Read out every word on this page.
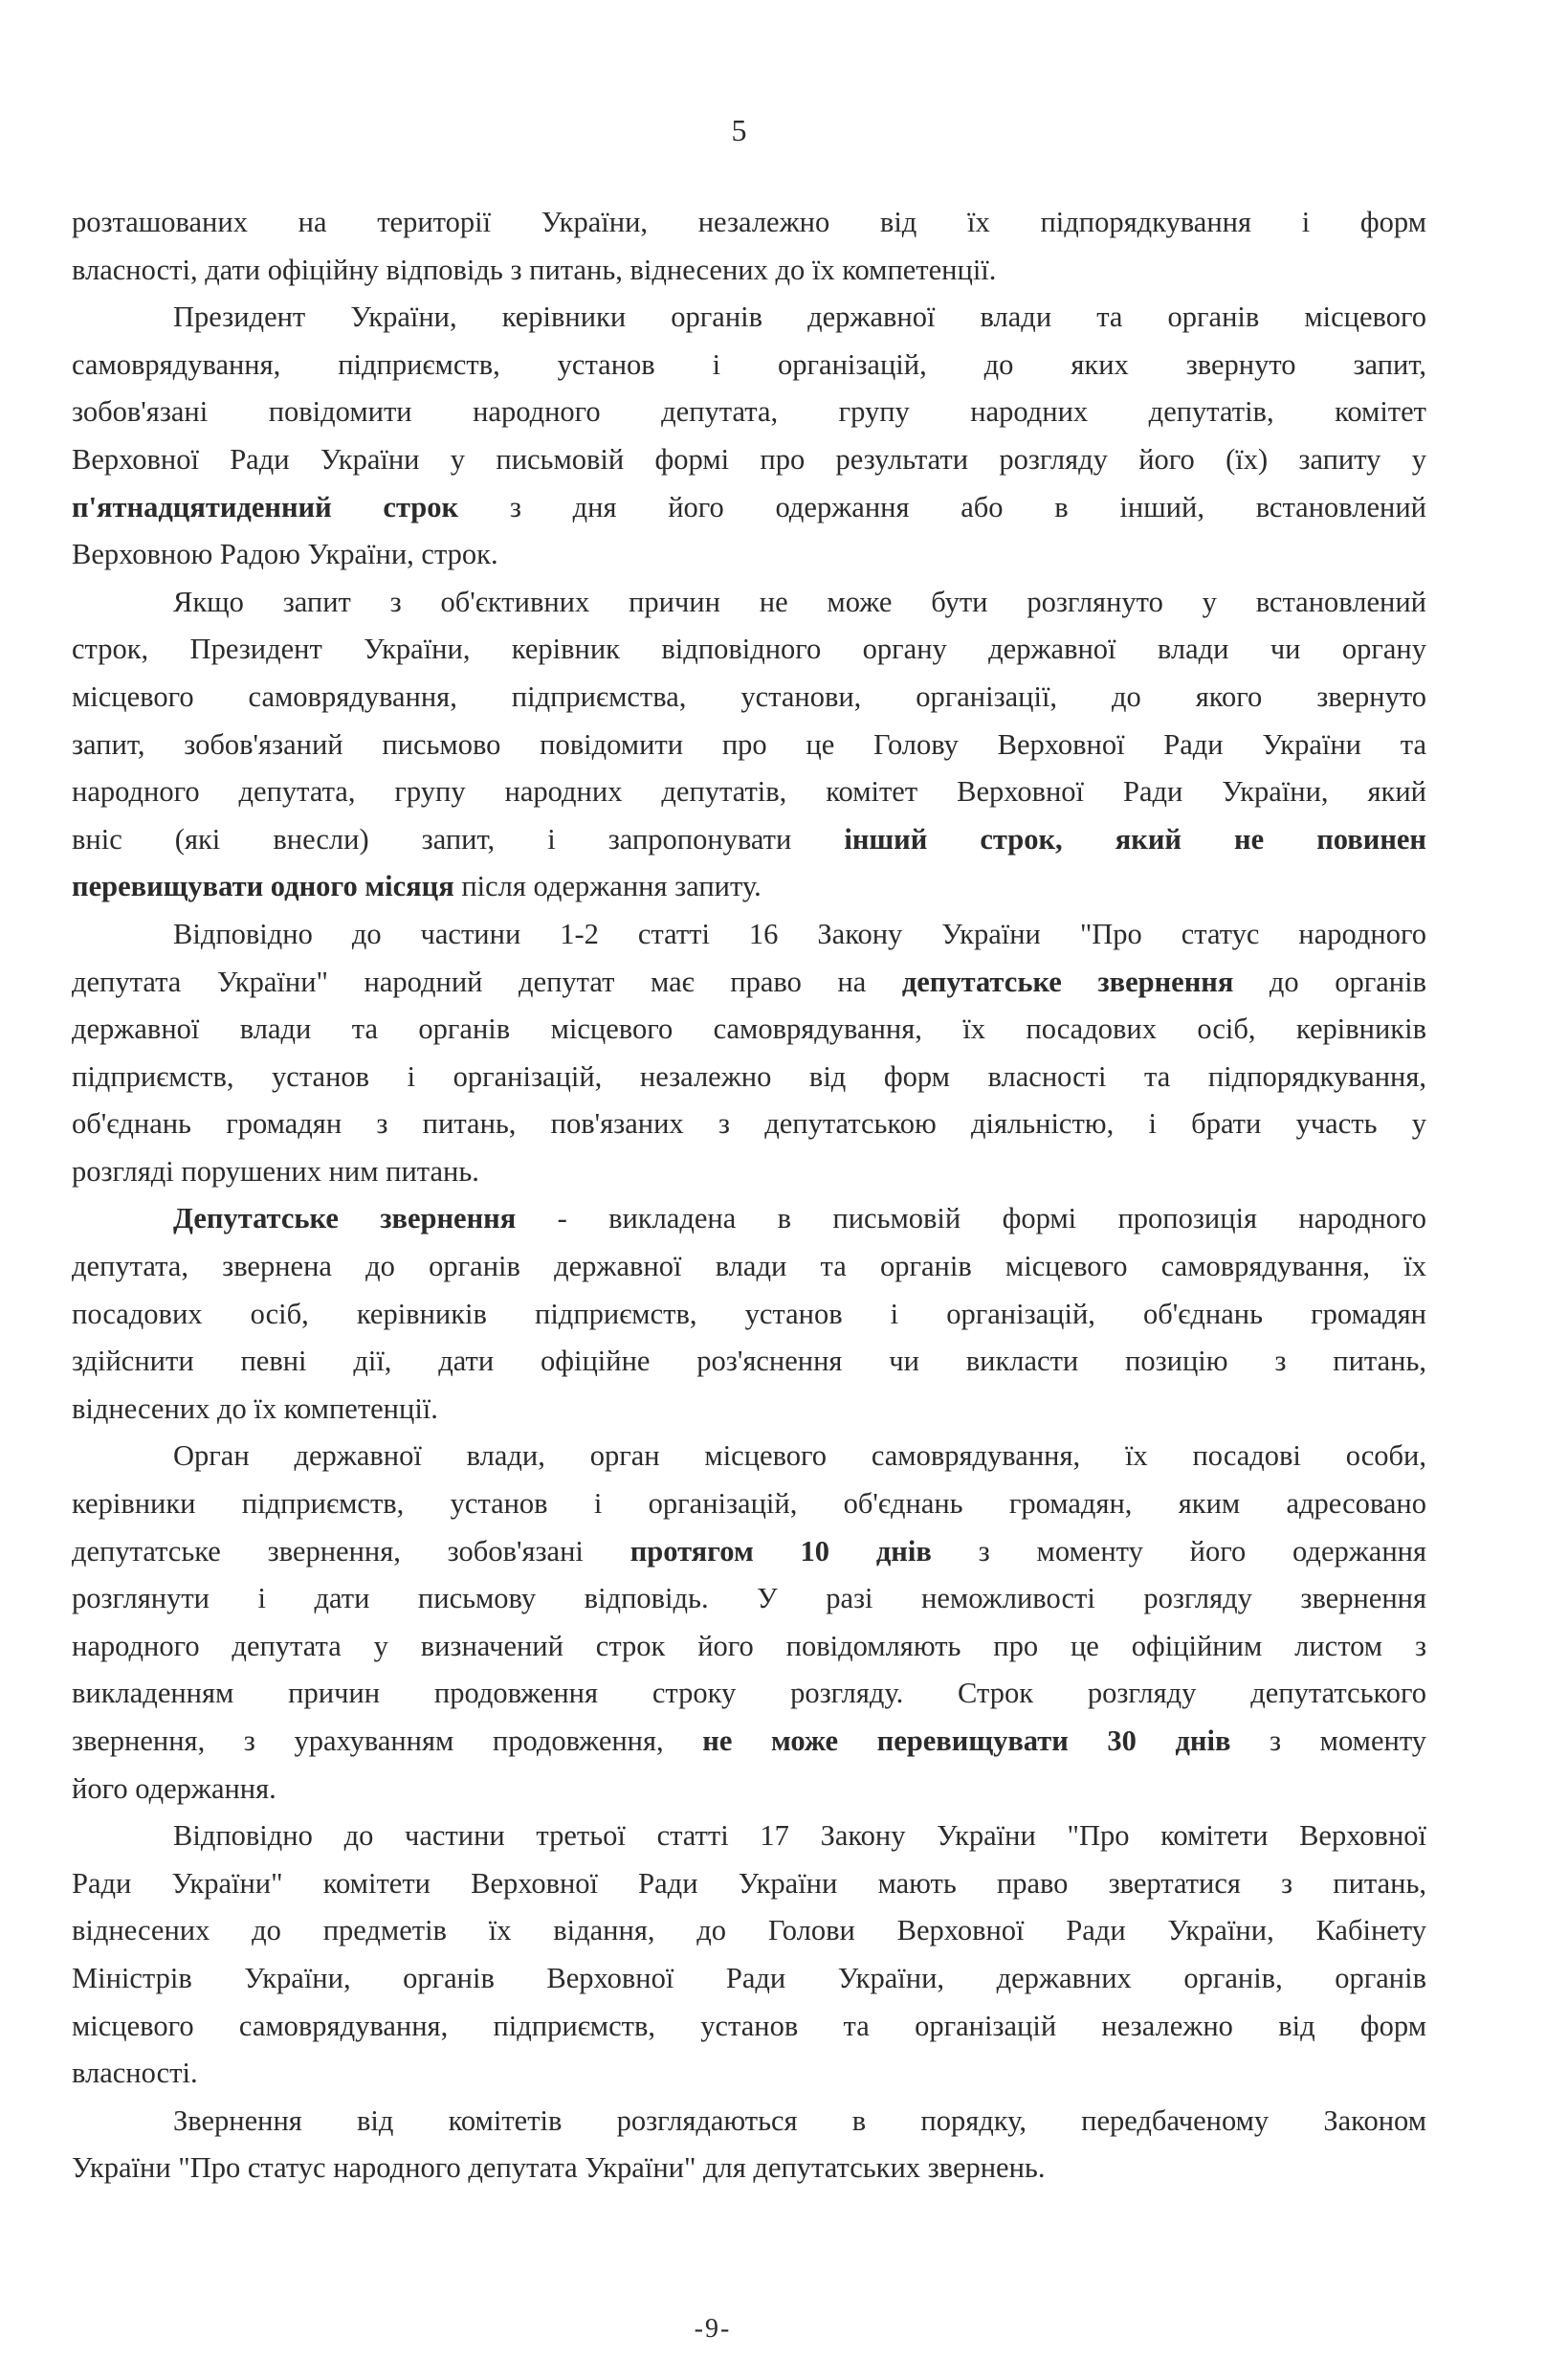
5
розташованих на території України, незалежно від їх підпорядкування і форм
власності, дати офіційну відповідь з питань, віднесених до їх компетенції.
Президент України, керівники органів державної влади та органів місцевого
самоврядування, підприємств, установ і організацій, до яких звернуто запит,
зобов'язані повідомити народного депутата, групу народних депутатів, комітет
Верховної Ради України у письмовій формі про результати розгляду його (їх) запиту у
п'ятнадцятиденний строк з дня його одержання або в інший, встановлений
Верховною Радою України, строк.
Якщо запит з об'єктивних причин не може бути розглянуто у встановлений
строк, Президент України, керівник відповідного органу державної влади чи органу
місцевого самоврядування, підприємства, установи, організації, до якого звернуто
запит, зобов'язаний письмово повідомити про це Голову Верховної Ради України та
народного депутата, групу народних депутатів, комітет Верховної Ради України, який
вніс (які внесли) запит, і запропонувати інший строк, який не повинен
перевищувати одного місяця після одержання запиту.
Відповідно до частини 1-2 статті 16 Закону України "Про статус народного
депутата України" народний депутат має право на депутатське звернення до органів
державної влади та органів місцевого самоврядування, їх посадових осіб, керівників
підприємств, установ і організацій, незалежно від форм власності та підпорядкування,
об'єднань громадян з питань, пов'язаних з депутатською діяльністю, і брати участь у
розгляді порушених ним питань.
Депутатське звернення - викладена в письмовій формі пропозиція народного
депутата, звернена до органів державної влади та органів місцевого самоврядування, їх
посадових осіб, керівників підприємств, установ і організацій, об'єднань громадян
здійснити певні дії, дати офіційне роз'яснення чи викласти позицію з питань,
віднесених до їх компетенції.
Орган державної влади, орган місцевого самоврядування, їх посадові особи,
керівники підприємств, установ і організацій, об'єднань громадян, яким адресовано
депутатське звернення, зобов'язані протягом 10 днів з моменту його одержання
розглянути і дати письмову відповідь. У разі неможливості розгляду звернення
народного депутата у визначений строк його повідомляють про це офіційним листом з
викладенням причин продовження строку розгляду. Строк розгляду депутатського
звернення, з урахуванням продовження, не може перевищувати 30 днів з моменту
його одержання.
Відповідно до частини третьої статті 17 Закону України "Про комітети Верховної
Ради України" комітети Верховної Ради України мають право звертатися з питань,
віднесених до предметів їх відання, до Голови Верховної Ради України, Кабінету
Міністрів України, органів Верховної Ради України, державних органів, органів
місцевого самоврядування, підприємств, установ та організацій незалежно від форм
власності.
Звернення від комітетів розглядаються в порядку, передбаченому Законом
України "Про статус народного депутата України" для депутатських звернень.
-9-
